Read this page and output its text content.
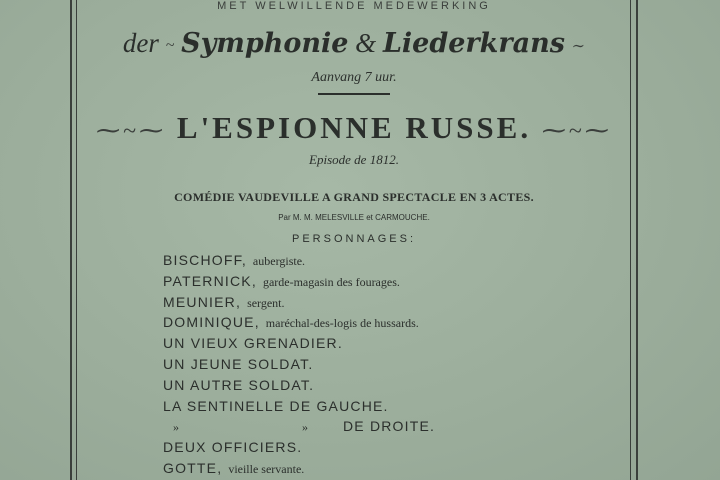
MET WELWILLENDE MEDEWERKING
der ~ Symphonie & Liederkrans ∼
Aanvang 7 uur.
⁓~⁓ L'ESPIONNE RUSSE. ⁓~⁓
Episode de 1812.
COMÉDIE VAUDEVILLE A GRAND SPECTACLE EN 3 ACTES.
Par M. M. MELESVILLE et CARMOUCHE.
PERSONNAGES:
BISCHOFF, aubergiste.
PATERNICK, garde-magasin des fourages.
MEUNIER, sergent.
DOMINIQUE, maréchal-des-logis de hussards.
UN VIEUX GRENADIER.
UN JEUNE SOLDAT.
UN AUTRE SOLDAT.
LA SENTINELLE DE GAUCHE.
» »DE DROITE.
DEUX OFFICIERS.
GOTTE, vieille servante.
